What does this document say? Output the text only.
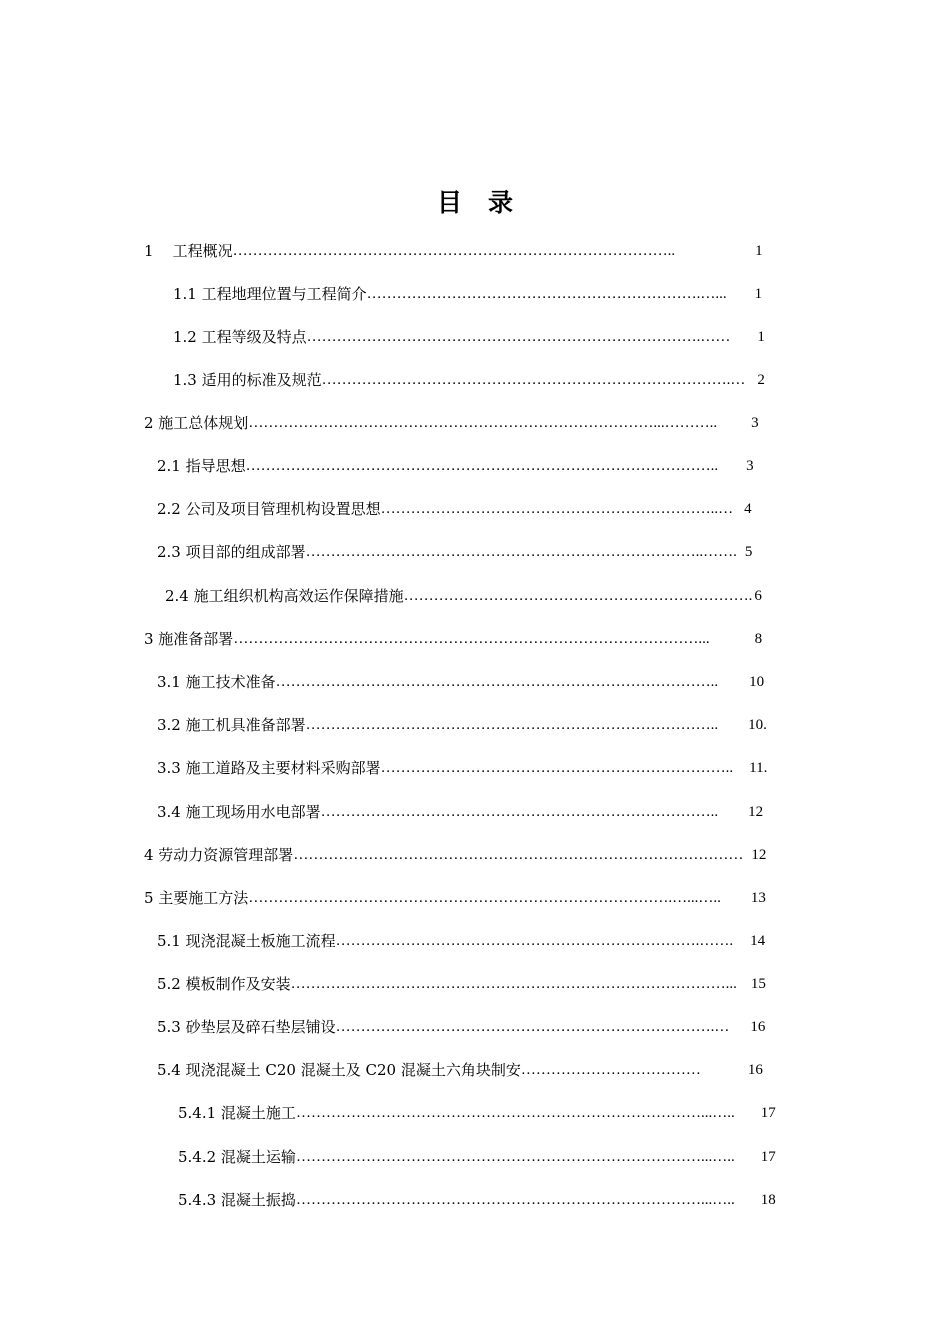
目 录
1    工程概况……………………………………………………………………………..	1
1.1 工程地理位置与工程简介………………………………………………………….…... 1
1.2 工程等级及特点…………………………………………………………………….…… 1
1.3 适用的标准及规范……………………………………………………………………….… 2
2 施工总体规划………………………………………………………………………...……….. 3
2.1 指导思想………………………………………………………………………………….. 3
2.2 公司及项目管理机构设置思想…………………………………………………………..… 4
2.3 项目部的组成部署……………………………………………………………………..……. 5
2.4 施工组织机构高效运作保障措施……………………………………………………………. 6
3 施准备部署…………………………………………………………………………………...	8
3.1 施工技术准备…………………………………………………………………………….. 10
3.2 施工机具准备部署……………………………………………………………………….. 10.
3.3 施工道路及主要材料采购部署…………………………………………………………….. 11.
3.4 施工现场用水电部署…………………………………………………………………….. 12
4 劳动力资源管理部署……………………………………………………………………………… 12
5 主要施工方法………………………………………………………………………….…...….. 13
5.1 现浇混凝土板施工流程……………………………………………………………….……. 14
5.2 模板制作及安装……………………………………………………………………………... 15
5.3 砂垫层及碎石垫层铺设………………………………………………………………….… 16
5.4 现浇混凝土 C20 混凝土及 C20 混凝土六角块制安………………………………	16
5.4.1 混凝土施工………………………………………………………………………...….. 17
5.4.2 混凝土运输………………………………………………………………………...….. 17
5.4.3 混凝土振捣………………………………………………………………………...….. 18
